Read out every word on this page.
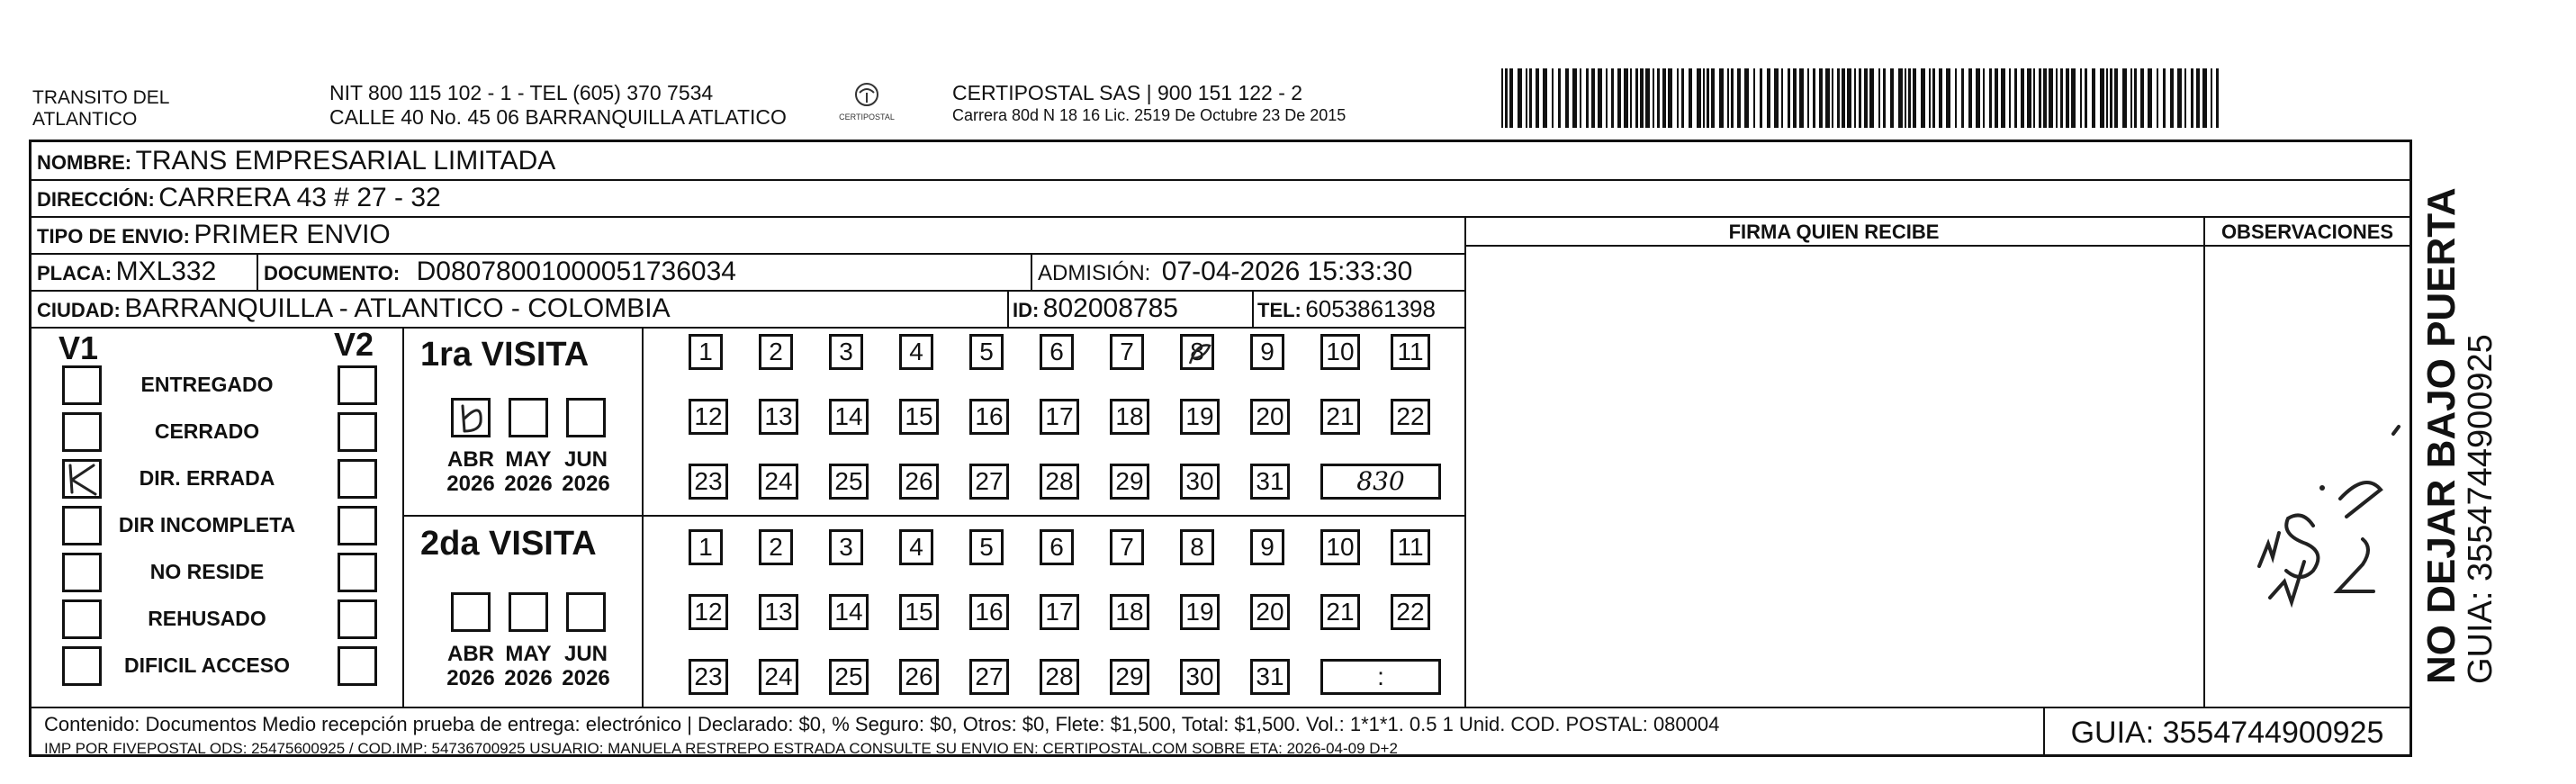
TRANSITO DEL
ATLANTICO
NIT 800 115 102 - 1 - TEL (605) 370 7534
CALLE 40 No. 45 06 BARRANQUILLA ATLATICO	CERTIPOSTAL
CERTIPOSTAL SAS | 900 151 122 - 2
Carrera 80d N 18 16 Lic. 2519 De Octubre 23 De 2015
NOMBRE: TRANS EMPRESARIAL LIMITADA
DIRECCIÓN: CARRERA 43 # 27 - 32
TIPO DE ENVIO: PRIMER ENVIO	FIRMA QUIEN RECIBE	OBSERVACIONES
PLACA: MXL332 DOCUMENTO: D08078001000051736034	ADMISIÓN: 07-04-2026 15:33:30
CIUDAD: BARRANQUILLA - ATLANTICO - COLOMBIA	ID: 802008785	TEL: 6053861398
V1	V2
ENTREGADO
CERRADO
DIR. ERRADA
DIR INCOMPLETA
NO RESIDE
REHUSADO
DIFICIL ACCESO
1ra VISITA
ABR
2026
MAY
2026
JUN
2026
1	2	3	4	5	6	7	8	9	10 11
12 13 14 15 16 17 18 19 20 21 22
23 24 25 26 27 28 29 30 31	830
2da VISITA
ABR
2026
MAY
2026
JUN
2026
1	2	3	4	5	6	7	8	9	10 11
12 13 14 15 16 17 18 19 20 21 22
23 24 25 26 27 28 29 30 31	:
Contenido: Documentos Medio recepción prueba de entrega: electrónico | Declarado: $0, % Seguro: $0, Otros: $0, Flete: $1,500, Total: $1,500. Vol.: 1*1*1. 0.5 1 Unid. COD. POSTAL: 080004
IMP POR FIVEPOSTAL ODS: 25475600925 / COD.IMP: 54736700925 USUARIO: MANUELA RESTREPO ESTRADA CONSULTE SU ENVIO EN: CERTIPOSTAL.COM SOBRE ETA: 2026-04-09 D+2	GUIA: 3554744900925
NO DEJAR BAJO PUERTA
GUIA: 3554744900925
